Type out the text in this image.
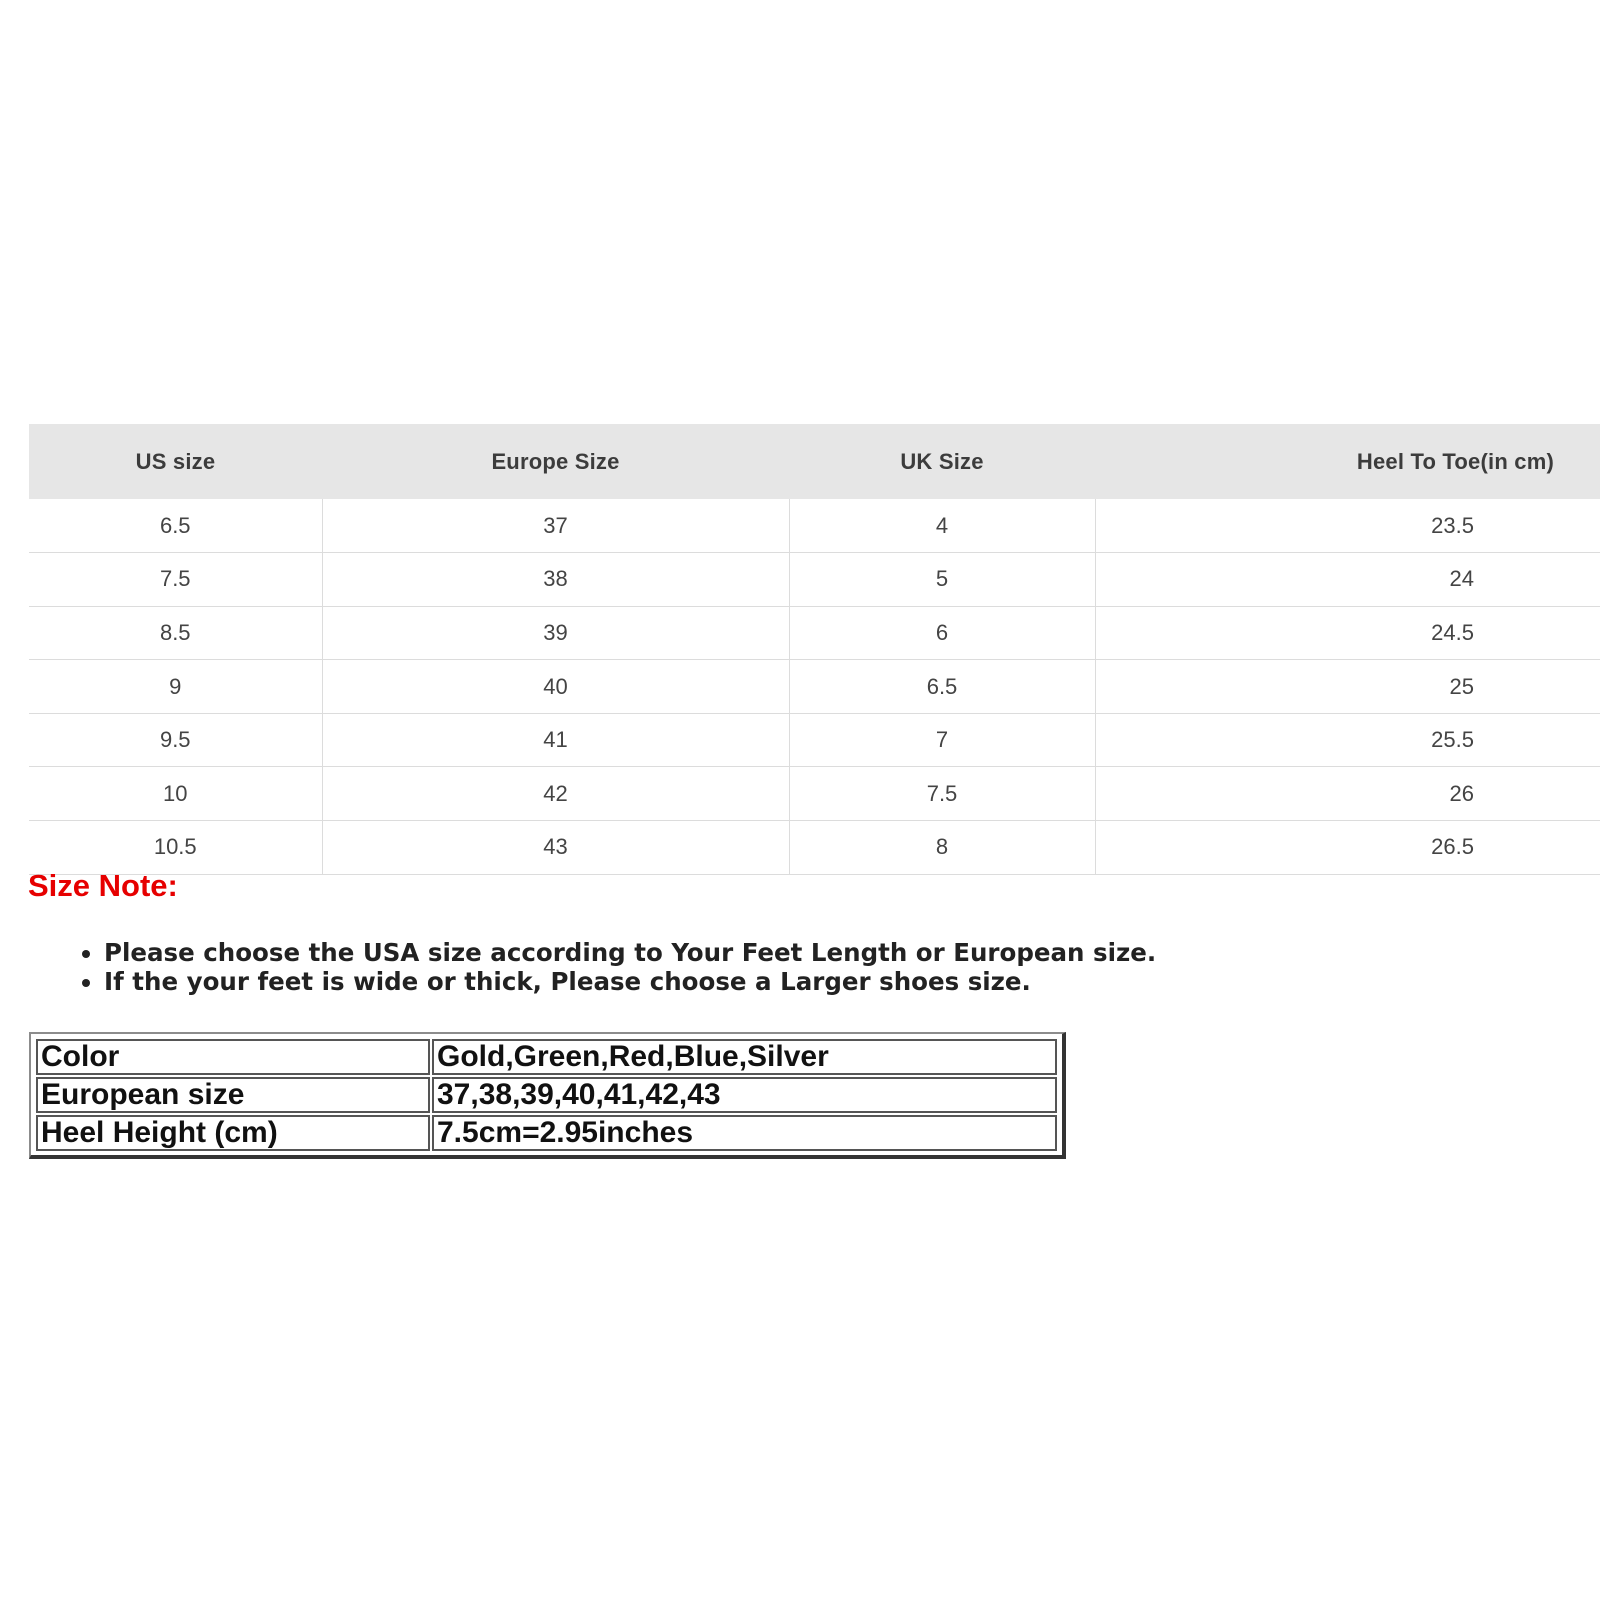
US size	Europe Size	UK Size	Heel To Toe(in cm)
6.5	37	4	23.5
7.5	38	5	24
8.5	39	6	24.5
9	40	6.5	25
9.5	41	7	25.5
10	42	7.5	26
10.5	43	8	26.5
Size Note:
• Please choose the USA size according to Your Feet Length or European size.
• If the your feet is wide or thick, Please choose a Larger shoes size.
Color	Gold,Green,Red,Blue,Silver
European size	37,38,39,40,41,42,43
Heel Height (cm)	7.5cm=2.95inches
